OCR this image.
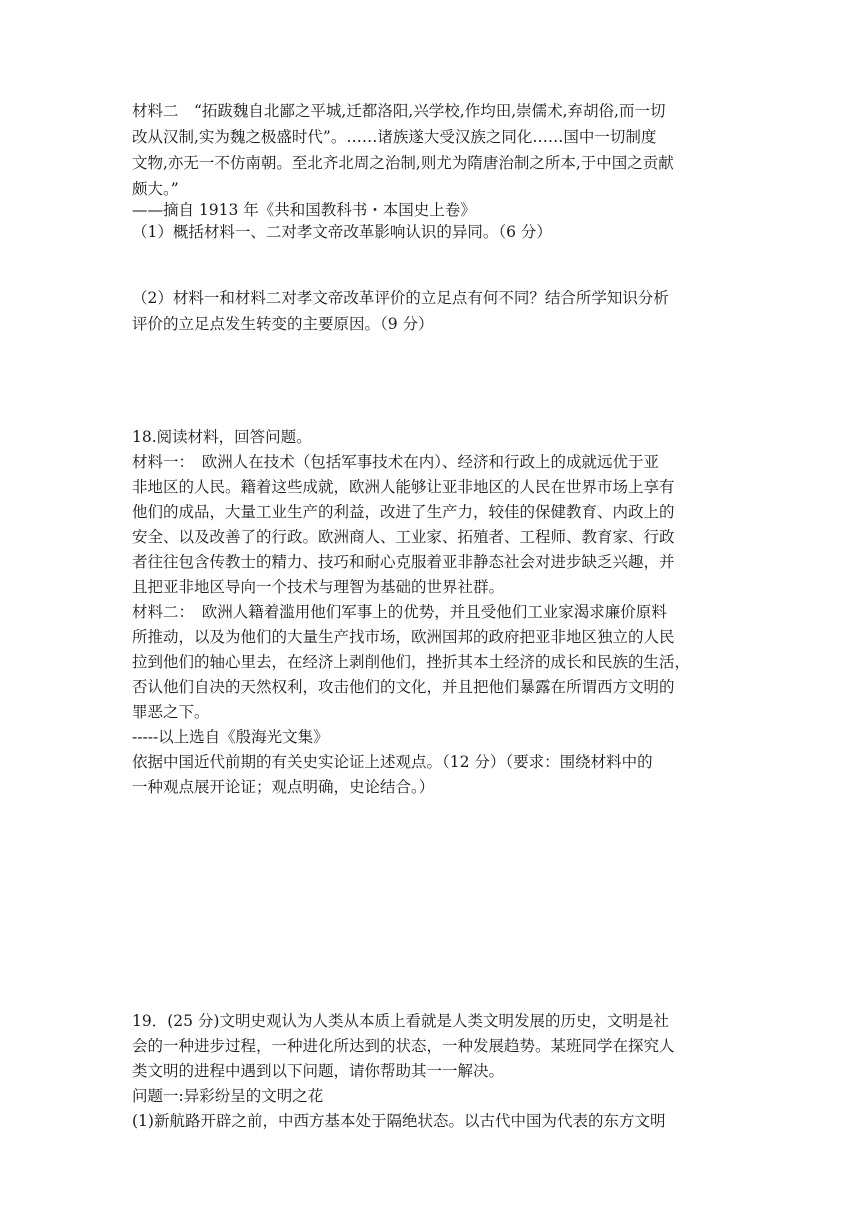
材料二　“拓跋魏自北鄙之平城,迁都洛阳,兴学校,作均田,崇儒术,弃胡俗,而一切
改从汉制,实为魏之极盛时代”。……诸族遂大受汉族之同化……国中一切制度
文物,亦无一不仿南朝。至北齐北周之治制,则尤为隋唐治制之所本,于中国之贡献
颇大。”
——摘自 1913 年《共和国教科书・本国史上卷》
（1）概括材料一、二对孝文帝改革影响认识的异同。（6 分）
（2）材料一和材料二对孝文帝改革评价的立足点有何不同？结合所学知识分析
评价的立足点发生转变的主要原因。（9 分）
18.阅读材料，回答问题。
材料一：　欧洲人在技术（包括军事技术在内）、经济和行政上的成就远优于亚
非地区的人民。籍着这些成就，欧洲人能够让亚非地区的人民在世界市场上享有
他们的成品，大量工业生产的利益，改进了生产力，较佳的保健教育、内政上的
安全、以及改善了的行政。欧洲商人、工业家、拓殖者、工程师、教育家、行政
者往往包含传教士的精力、技巧和耐心克服着亚非静态社会对进步缺乏兴趣，并
且把亚非地区导向一个技术与理智为基础的世界社群。
材料二：　欧洲人籍着滥用他们军事上的优势，并且受他们工业家渴求廉价原料
所推动，以及为他们的大量生产找市场，欧洲国邦的政府把亚非地区独立的人民
拉到他们的轴心里去，在经济上剥削他们，挫折其本土经济的成长和民族的生活，
否认他们自决的天然权利，攻击他们的文化，并且把他们暴露在所谓西方文明的
罪恶之下。
-----以上选自《殷海光文集》
依据中国近代前期的有关史实论证上述观点。（12 分）（要求：围绕材料中的
一种观点展开论证；观点明确，史论结合。）
19．(25 分)文明史观认为人类从本质上看就是人类文明发展的历史，文明是社
会的一种进步过程，一种进化所达到的状态，一种发展趋势。某班同学在探究人
类文明的进程中遇到以下问题，请你帮助其一一解决。
问题一:异彩纷呈的文明之花
(1)新航路开辟之前，中西方基本处于隔绝状态。以古代中国为代表的东方文明
